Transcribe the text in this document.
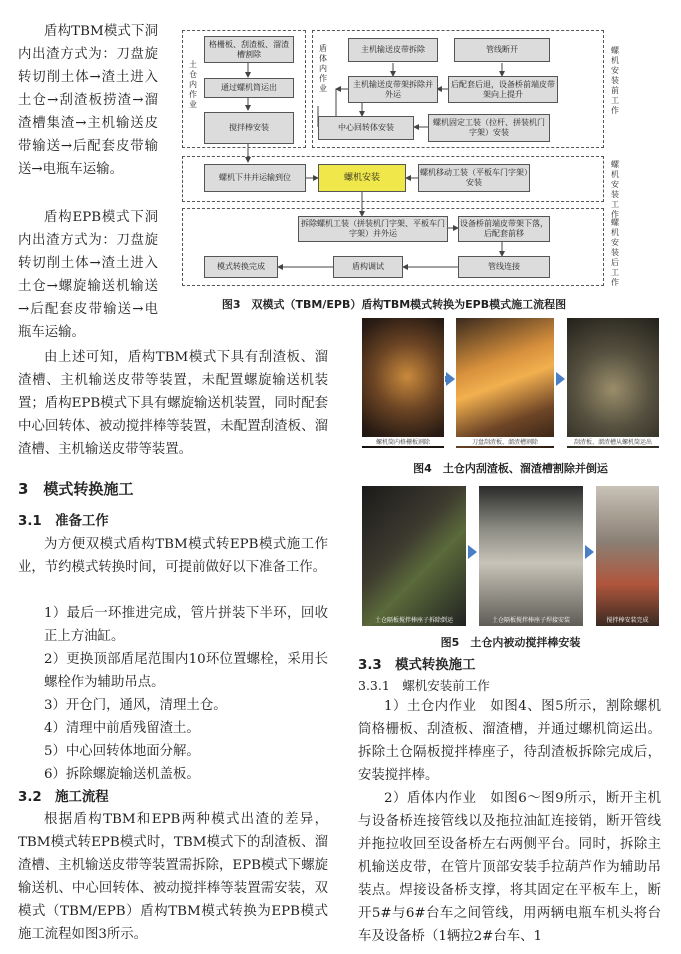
盾构TBM模式下洞内出渣方式为：刀盘旋转切削土体→渣土进入土仓→刮渣板捞渣→溜渣槽集渣→主机输送皮带输送→后配套皮带输送→电瓶车运输。
盾构EPB模式下洞内出渣方式为：刀盘旋转切削土体→渣土进入土仓→螺旋输送机输送→后配套皮带输送→电瓶车运输。
由上述可知，盾构TBM模式下具有刮渣板、溜渣槽、主机输送皮带等装置，未配置螺旋输送机装置；盾构EPB模式下具有螺旋输送机装置，同时配套中心回转体、被动搅拌棒等装置，未配置刮渣板、溜渣槽、主机输送皮带等装置。
3　模式转换施工
3.1　准备工作
为方便双模式盾构TBM模式转EPB模式施工作业，节约模式转换时间，可提前做好以下准备工作。
1）最后一环推进完成，管片拼装下半环，回收正上方油缸。
2）更换顶部盾尾范围内10环位置螺栓，采用长螺栓作为辅助吊点。
3）开仓门，通风，清理土仓。
4）清理中前盾残留渣土。
5）中心回转体地面分解。
6）拆除螺旋输送机盖板。
3.2　施工流程
根据盾构TBM和EPB两种模式出渣的差异，TBM模式转EPB模式时，TBM模式下的刮渣板、溜渣槽、主机输送皮带等装置需拆除，EPB模式下螺旋输送机、中心回转体、被动搅拌棒等装置需安装，双模式（TBM/EPB）盾构TBM模式转换为EPB模式施工流程如图3所示。
土仓内作业
盾体内作业
格栅板、刮渣板、溜渣槽割除
通过螺机筒运出
搅拌棒安装
主机输送皮带拆除	管线断开
主机输送皮带架拆除并外运
后配套后退，设备桥前端皮带架向上提升
中心回转体安装
螺机固定工装（拉杆、拼装机门字架）安装
螺机安装前工作
螺机下井并运输到位	螺机安装
螺机移动工装（平板车门字架）安装
螺机安装工作
拆除螺机工装（拼装机门字架、平板车门字架）并外运
设备桥前端皮带架下落，后配套前移
模式转换完成	盾构调试	管线连接
螺机安装后工作
图3　双模式（TBM/EPB）盾构TBM模式转换为EPB模式施工流程图
螺机筒内格栅板割除	刀盘刮渣板、溜渣槽割除	刮渣板、溜渣槽从螺机筒运出
图4　土仓内刮渣板、溜渣槽割除并倒运
土仓隔板搅拌棒座子拆除倒运	土仓隔板搅拌棒座子焊接安装	搅拌棒安装完成
图5　土仓内被动搅拌棒安装
3.3　模式转换施工
3.3.1　螺机安装前工作
1）土仓内作业　如图4、图5所示，割除螺机筒格栅板、刮渣板、溜渣槽，并通过螺机筒运出。拆除土仓隔板搅拌棒座子，待刮渣板拆除完成后，安装搅拌棒。
2）盾体内作业　如图6～图9所示，断开主机与设备桥连接管线以及拖拉油缸连接销，断开管线并拖拉收回至设备桥左右两侧平台。同时，拆除主机输送皮带，在管片顶部安装手拉葫芦作为辅助吊装点。焊接设备桥支撑，将其固定在平板车上，断开5#与6#台车之间管线，用两辆电瓶车机头将台车及设备桥（1辆拉2#台车、1
